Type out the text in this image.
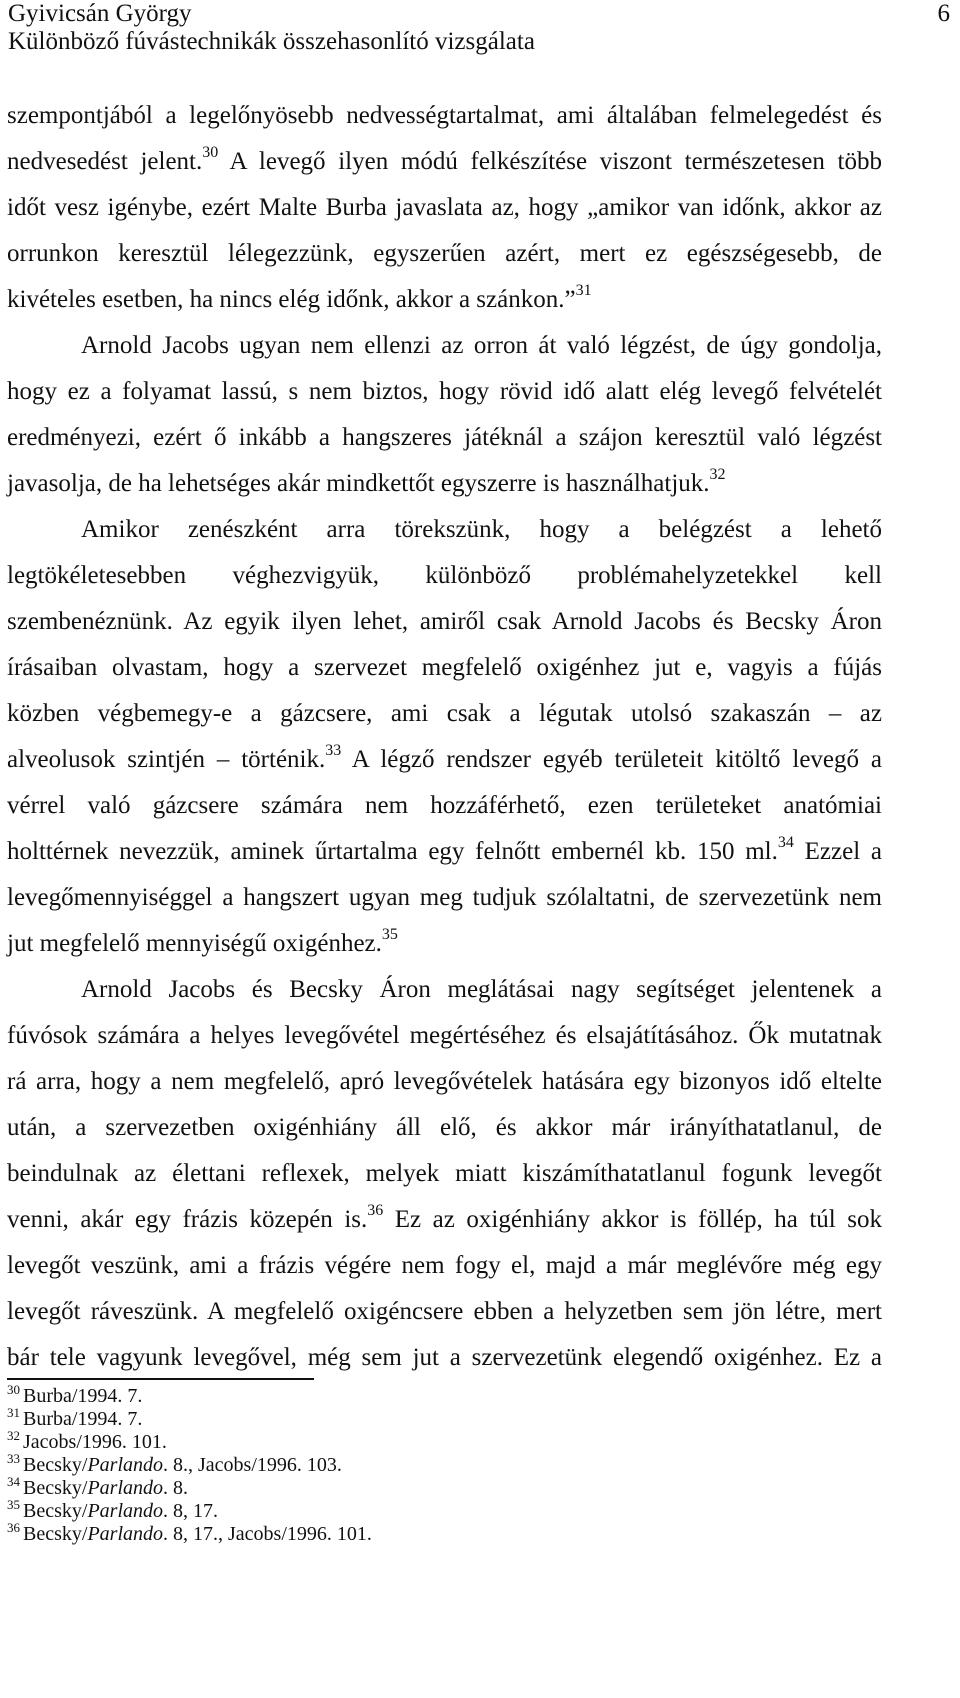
Gyivicsán György	6
Különböző fúvástechnikák összehasonlító vizsgálata
szempontjából a legelőnyösebb nedvességtartalmat, ami általában felmelegedést és
nedvesedést jelent.$^{30}$ A levegő ilyen módú felkészítése viszont természetesen több
időt vesz igénybe, ezért Malte Burba javaslata az, hogy „amikor van időnk, akkor az
orrunkon keresztül lélegezzünk, egyszerűen azért, mert ez egészségesebb, de
kivételes esetben, ha nincs elég időnk, akkor a szánkon.”$^{31}$
Arnold Jacobs ugyan nem ellenzi az orron át való légzést, de úgy gondolja,
hogy ez a folyamat lassú, s nem biztos, hogy rövid idő alatt elég levegő felvételét
eredményezi, ezért ő inkább a hangszeres játéknál a szájon keresztül való légzést
javasolja, de ha lehetséges akár mindkettőt egyszerre is használhatjuk.$^{32}$
Amikor zenészként arra törekszünk, hogy a belégzést a lehető
legtökéletesebben véghezvigyük, különböző problémahelyzetekkel kell
szembenéznünk. Az egyik ilyen lehet, amiről csak Arnold Jacobs és Becsky Áron
írásaiban olvastam, hogy a szervezet megfelelő oxigénhez jut e, vagyis a fújás
közben végbemegy-e a gázcsere, ami csak a légutak utolsó szakaszán – az
alveolusok szintjén – történik.$^{33}$ A légző rendszer egyéb területeit kitöltő levegő a
vérrel való gázcsere számára nem hozzáférhető, ezen területeket anatómiai
holttérnek nevezzük, aminek űrtartalma egy felnőtt embernél kb. 150 ml.$^{34}$ Ezzel a
levegőmennyiséggel a hangszert ugyan meg tudjuk szólaltatni, de szervezetünk nem
jut megfelelő mennyiségű oxigénhez.$^{35}$
Arnold Jacobs és Becsky Áron meglátásai nagy segítséget jelentenek a
fúvósok számára a helyes levegővétel megértéséhez és elsajátításához. Ők mutatnak
rá arra, hogy a nem megfelelő, apró levegővételek hatására egy bizonyos idő eltelte
után, a szervezetben oxigénhiány áll elő, és akkor már irányíthatatlanul, de
beindulnak az élettani reflexek, melyek miatt kiszámíthatatlanul fogunk levegőt
venni, akár egy frázis közepén is.$^{36}$ Ez az oxigénhiány akkor is föllép, ha túl sok
levegőt veszünk, ami a frázis végére nem fogy el, majd a már meglévőre még egy
levegőt ráveszünk. A megfelelő oxigéncsere ebben a helyzetben sem jön létre, mert
bár tele vagyunk levegővel, még sem jut a szervezetünk elegendő oxigénhez. Ez a
$^{30}$ Burba/1994. 7.
$^{31}$ Burba/1994. 7.
$^{32}$ Jacobs/1996. 101.
$^{33}$ Becsky/Parlando. 8., Jacobs/1996. 103.
$^{34}$ Becsky/Parlando. 8.
$^{35}$ Becsky/Parlando. 8, 17.
$^{36}$ Becsky/Parlando. 8, 17., Jacobs/1996. 101.
